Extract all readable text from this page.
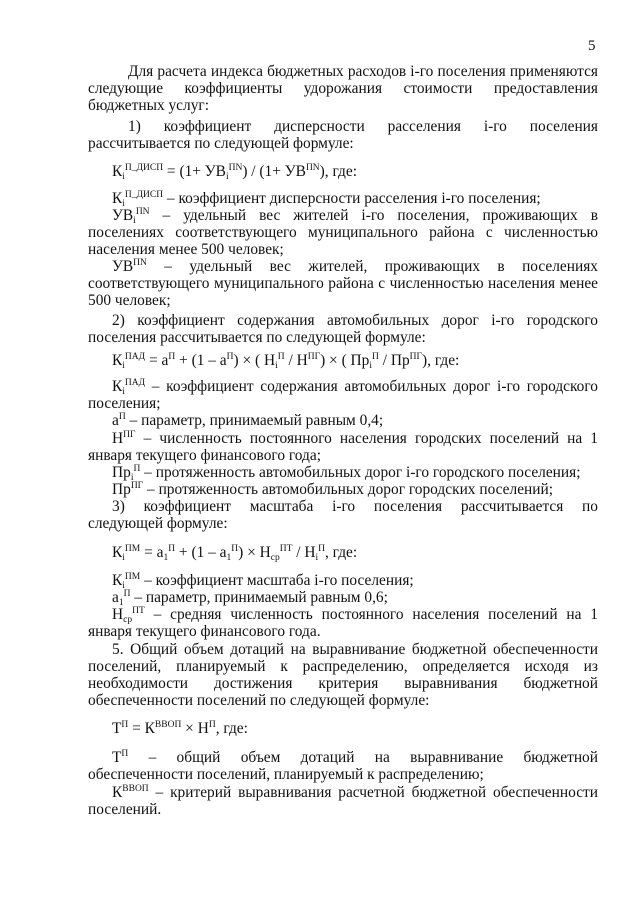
5
Для расчета индекса бюджетных расходов i-го поселения применяются
следующие коэффициенты удорожания стоимости предоставления
бюджетных услуг:
1) коэффициент дисперсности расселения i-го поселения
рассчитывается по следующей формуле:
$К_i^{П\_ДИСП} = (1+ УВ_i^{ПN}) / (1+ УВ^{ПN})$, где:
$К_i^{П\_ДИСП}$ – коэффициент дисперсности расселения i-го поселения;
$УВ_i^{ПN}$ – удельный вес жителей i-го поселения, проживающих в
поселениях соответствующего муниципального района с численностью
населения менее 500 человек;
$УВ^{ПN}$ – удельный вес жителей, проживающих в поселениях
соответствующего муниципального района с численностью населения менее
500 человек;
2) коэффициент содержания автомобильных дорог i-го городского
поселения рассчитывается по следующей формуле:
$К_i^{ПАД} = а^П + (1 - а^П)$ × ( $Н_i^П / Н^{ПГ}$) × ( $Пр_i^П / Пр^{ПГ}$), где:
$К_i^{ПАД}$ – коэффициент содержания автомобильных дорог i-го городского
поселения;
$а^П$ – параметр, принимаемый равным 0,4;
$Н^{ПГ}$ – численность постоянного населения городских поселений на 1
января текущего финансового года;
$Пр_i^П$ – протяженность автомобильных дорог i-го городского поселения;
$Пр^{ПГ}$ – протяженность автомобильных дорог городских поселений;
3) коэффициент масштаба i-го поселения рассчитывается по
следующей формуле:
$К_i^{ПМ} = а_1^П + (1 - а_1^П) \times Н_{ср}^{ПТ} / Н_i^П$, где:
$К_i^{ПМ}$ – коэффициент масштаба i-го поселения;
$а_1^П$ – параметр, принимаемый равным 0,6;
$Н_{ср}^{ПТ}$ – средняя численность постоянного населения поселений на 1
января текущего финансового года.
5. Общий объем дотаций на выравнивание бюджетной обеспеченности
поселений, планируемый к распределению, определяется исходя из
необходимости достижения критерия выравнивания бюджетной
обеспеченности поселений по следующей формуле:
$Т^П = К^{ВВОП} \times Н^П$, где:
$Т^П$ – общий объем дотаций на выравнивание бюджетной
обеспеченности поселений, планируемый к распределению;
$К^{ВВОП}$ – критерий выравнивания расчетной бюджетной обеспеченности
поселений.
